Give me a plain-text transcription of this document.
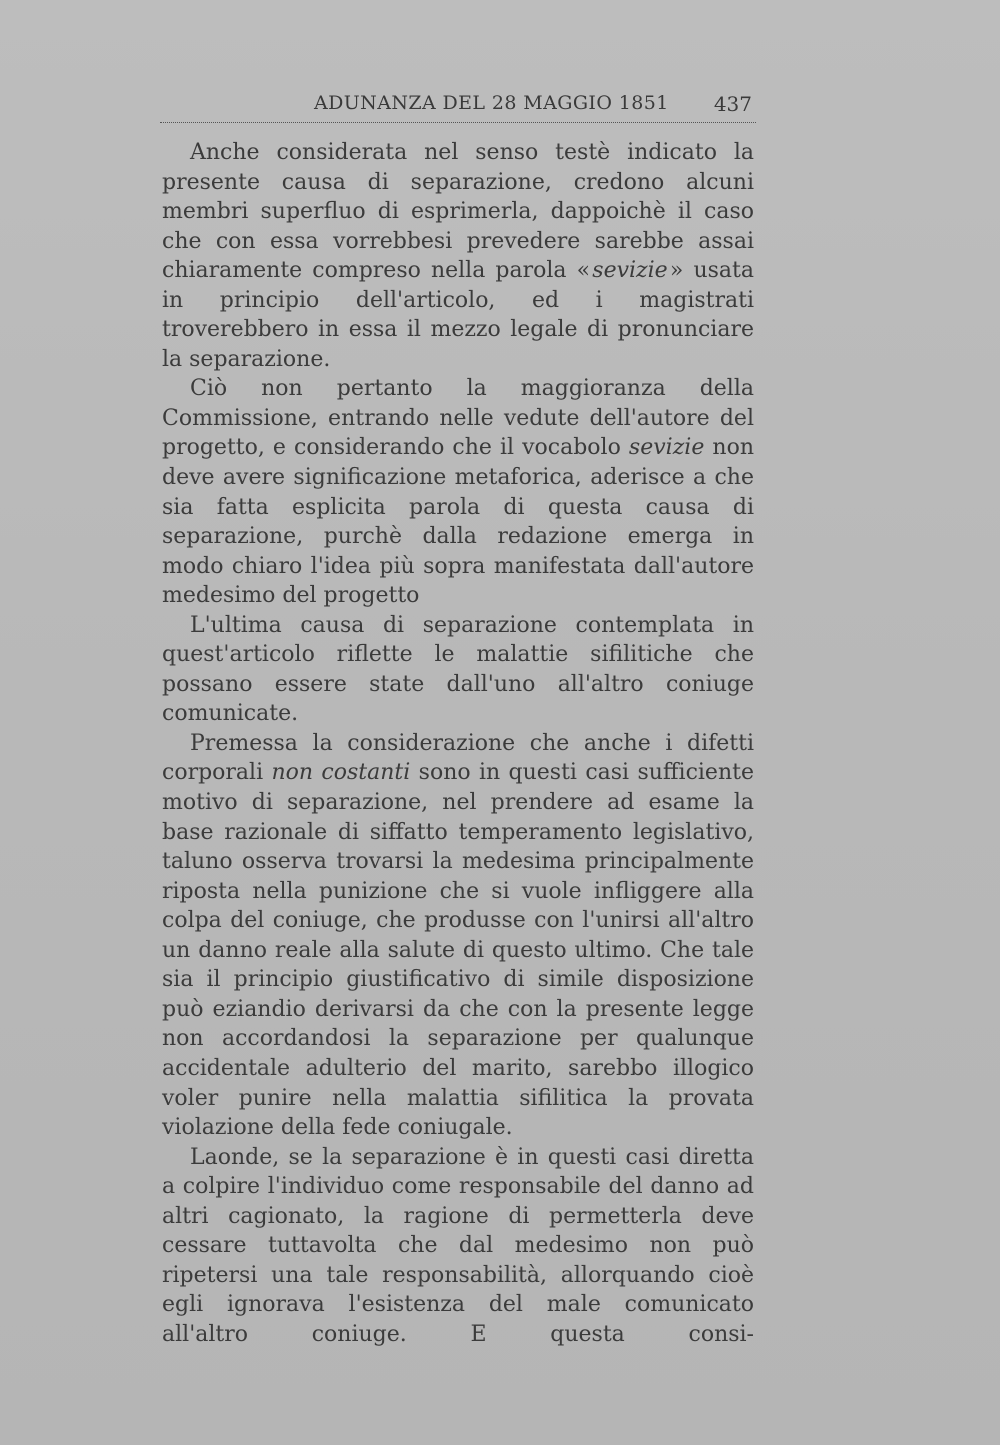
ADUNANZA DEL 28 MAGGIO 1851 437

Anche considerata nel senso testè indicato la presente causa di separazione, credono alcuni membri superfluo di esprimerla, dappoichè il caso che con essa vorrebbesi prevedere sarebbe assai chiaramente compreso nella parola «  sevizie  » usata in principio dell'articolo, ed i magistrati troverebbero in essa il mezzo legale di pronunciare la separazione.

Ciò non pertanto la maggioranza della Commissione, entrando nelle vedute dell'autore del progetto, e considerando che il vocabolo sevizie non deve avere significazione metaforica, aderisce a che sia fatta esplicita parola di questa causa di separazione, purchè dalla redazione emerga in modo chiaro l'idea più sopra manifestata dall'autore medesimo del progetto

L'ultima causa di separazione contemplata in quest'articolo riflette le malattie sifilitiche che possano essere state dall'uno all'altro coniuge comunicate.

Premessa la considerazione che anche i difetti corporali non costanti sono in questi casi sufficiente motivo di separazione, nel prendere ad esame la base razionale di siffatto temperamento legislativo, taluno osserva trovarsi la medesima principalmente riposta nella punizione che si vuole infliggere alla colpa del coniuge, che produsse con l'unirsi all'altro un danno reale alla salute di questo ultimo. Che tale sia il principio giustificativo di simile disposizione può eziandio derivarsi da che con la presente legge non accordandosi la separazione per qualunque accidentale adulterio del marito, sarebbo illogico voler punire nella malattia sifilitica la provata violazione della fede coniugale.

Laonde, se la separazione è in questi casi diretta a colpire l'individuo come responsabile del danno ad altri cagionato, la ragione di permetterla deve cessare tuttavolta che dal medesimo non può ripetersi una tale responsabilità, allorquando cioè egli ignorava l'esistenza del male comunicato all'altro coniuge. E questa consi-
